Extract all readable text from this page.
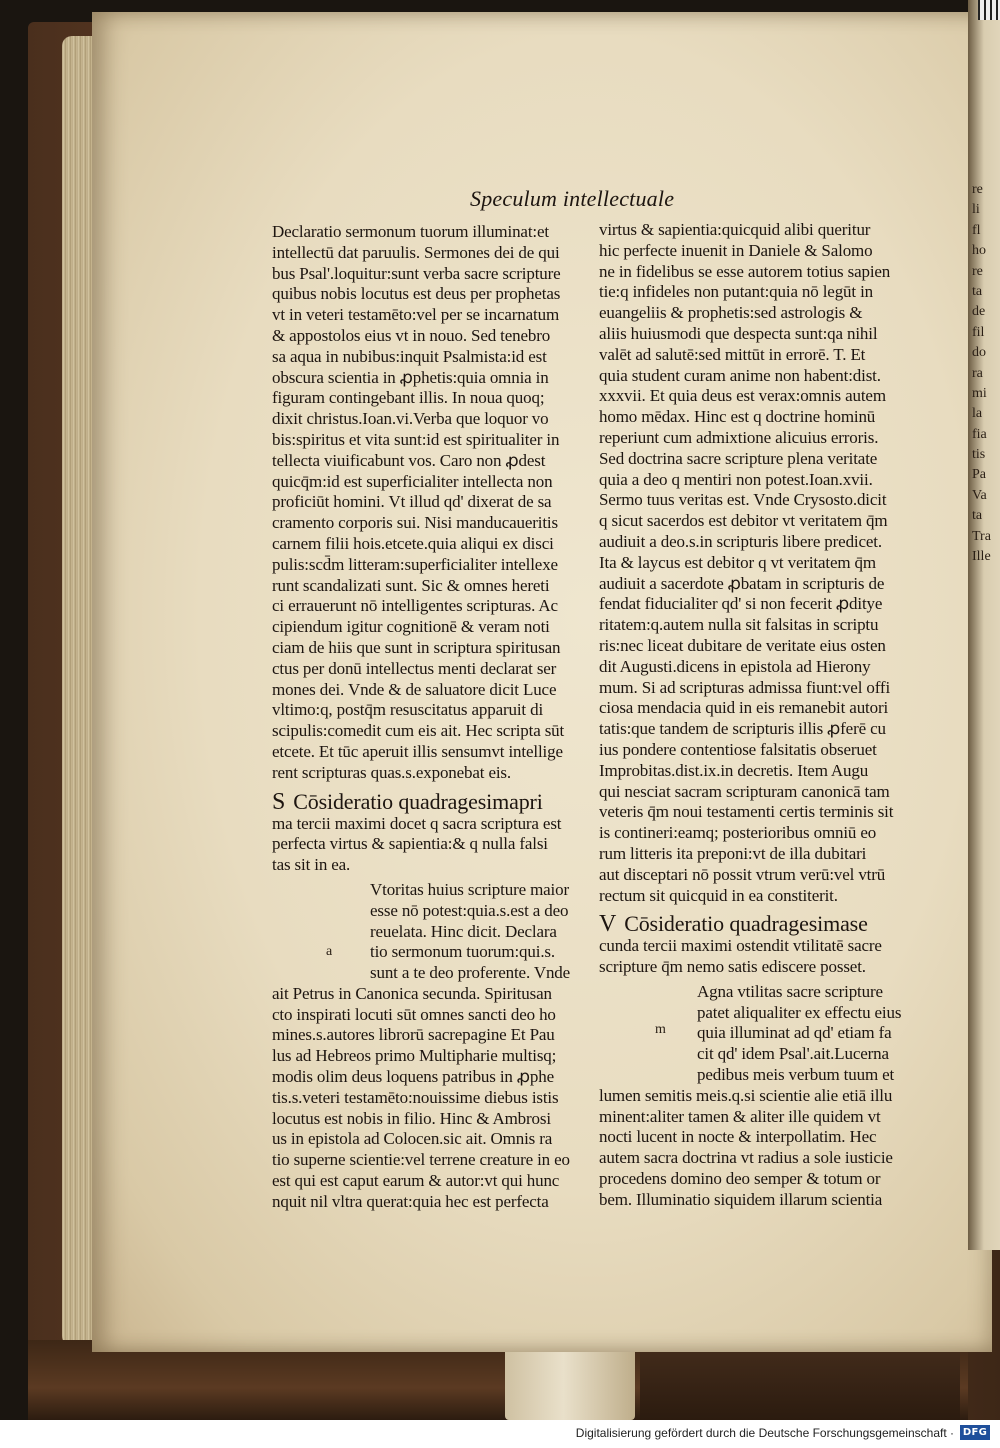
re
li
fl
ho
re
ta
de
fil
do
ra
mi
la
fia
tis
Pa
Va
ta
Tra
Ille
Speculum intellectuale
Declaratio sermonum tuorum illuminat:et
intellectū dat paruulis. Sermones dei de qui
bus Psal'.loquitur:sunt verba sacre scripture
quibus nobis locutus est deus per prophetas
vt in veteri testamēto:vel per se incarnatum
& appostolos eius vt in nouo. Sed tenebro
sa aqua in nubibus:inquit Psalmista:id est
obscura scientia in ꝓphetis:quia omnia in
figuram contingebant illis. In noua quoq;
dixit christus.Ioan.vi.Verba que loquor vo
bis:spiritus et vita sunt:id est spiritualiter in
tellecta viuificabunt vos. Caro non ꝓdest
quicq̄m:id est superficialiter intellecta non
proficiūt homini. Vt illud qd' dixerat de sa
cramento corporis sui. Nisi manducaueritis
carnem filii hois.etcete.quia aliqui ex disci
pulis:scd̄m litteram:superficialiter intellexe
runt scandalizati sunt. Sic & omnes hereti
ci errauerunt nō intelligentes scripturas. Ac
cipiendum igitur cognitionē & veram noti
ciam de hiis que sunt in scriptura spiritusan
ctus per donū intellectus menti declarat ser
mones dei. Vnde & de saluatore dicit Luce
vltimo:q, postq̄m resuscitatus apparuit di
scipulis:comedit cum eis ait. Hec scripta sūt
etcete. Et tūc aperuit illis sensumvt intellige
rent scripturas quas.s.exponebat eis.
S Cōsideratio quadragesimapri
ma tercii maximi docet q sacra scriptura est
perfecta virtus & sapientia:& q nulla falsi
tas sit in ea.
a
Vtoritas huius scripture maior
esse nō potest:quia.s.est a deo
reuelata. Hinc dicit. Declara
tio sermonum tuorum:qui.s.
sunt a te deo proferente. Vnde
ait Petrus in Canonica secunda. Spiritusan
cto inspirati locuti sūt omnes sancti deo ho
mines.s.autores librorū sacrepagine Et Pau
lus ad Hebreos primo Multipharie multisq;
modis olim deus loquens patribus in ꝓphe
tis.s.veteri testamēto:nouissime diebus istis
locutus est nobis in filio. Hinc & Ambrosi
us in epistola ad Colocen.sic ait. Omnis ra
tio superne scientie:vel terrene creature in eo
est qui est caput earum & autor:vt qui hunc
nquit nil vltra querat:quia hec est perfecta
virtus & sapientia:quicquid alibi queritur
hic perfecte inuenit in Daniele & Salomo
ne in fidelibus se esse autorem totius sapien
tie:q infideles non putant:quia nō legūt in
euangeliis & prophetis:sed astrologis &
aliis huiusmodi que despecta sunt:qa nihil
valēt ad salutē:sed mittūt in errorē. T. Et
quia student curam anime non habent:dist.
xxxvii. Et quia deus est verax:omnis autem
homo mēdax. Hinc est q doctrine hominū
reperiunt cum admixtione alicuius erroris.
Sed doctrina sacre scripture plena veritate
quia a deo q mentiri non potest.Ioan.xvii.
Sermo tuus veritas est. Vnde Crysosto.dicit
q sicut sacerdos est debitor vt veritatem q̄m
audiuit a deo.s.in scripturis libere predicet.
Ita & laycus est debitor q vt veritatem q̄m
audiuit a sacerdote ꝓbatam in scripturis de
fendat fiducialiter qd' si non fecerit ꝓditye
ritatem:q.autem nulla sit falsitas in scriptu
ris:nec liceat dubitare de veritate eius osten
dit Augusti.dicens in epistola ad Hierony
mum. Si ad scripturas admissa fiunt:vel offi
ciosa mendacia quid in eis remanebit autori
tatis:que tandem de scripturis illis ꝓferē cu
ius pondere contentiose falsitatis obseruet
Improbitas.dist.ix.in decretis. Item Augu
qui nesciat sacram scripturam canonicā tam
veteris q̄m noui testamenti certis terminis sit
is contineri:eamq; posterioribus omniū eo
rum litteris ita preponi:vt de illa dubitari
aut disceptari nō possit vtrum verū:vel vtrū
rectum sit quicquid in ea constiterit.
V Cōsideratio quadragesimase
cunda tercii maximi ostendit vtilitatē sacre
scripture q̄m nemo satis ediscere posset.
m
Agna vtilitas sacre scripture
patet aliqualiter ex effectu eius
quia illuminat ad qd' etiam fa
cit qd' idem Psal'.ait.Lucerna
pedibus meis verbum tuum et
lumen semitis meis.q.si scientie alie etiā illu
minent:aliter tamen & aliter ille quidem vt
nocti lucent in nocte & interpollatim. Hec
autem sacra doctrina vt radius a sole iusticie
procedens domino deo semper & totum or
bem. Illuminatio siquidem illarum scientia
Digitalisierung gefördert durch die Deutsche Forschungsgemeinschaft · DFG
